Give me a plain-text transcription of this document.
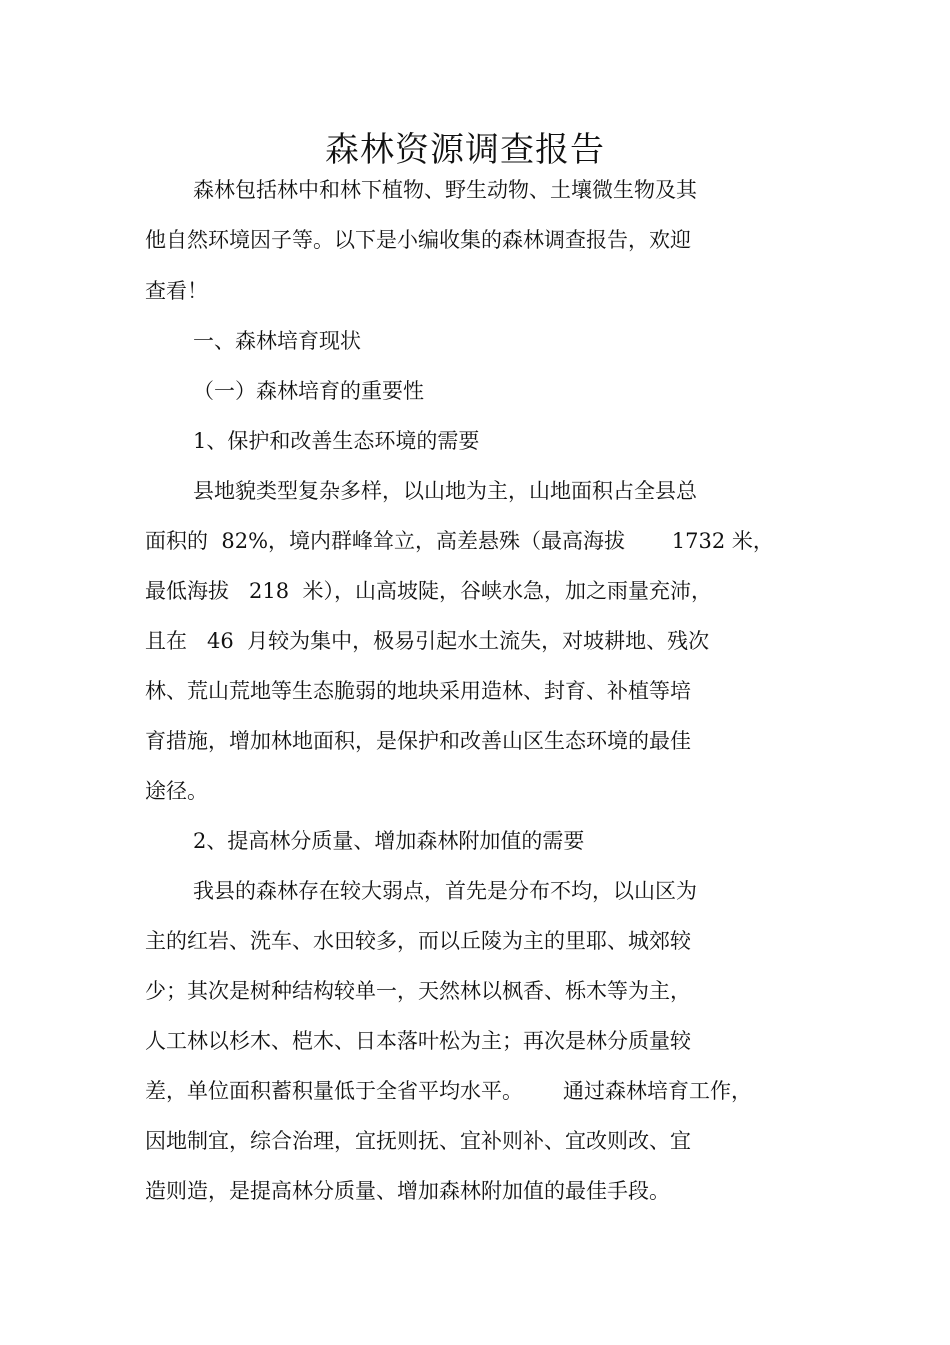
森林资源调查报告
森林包括林中和林下植物、野生动物、土壤微生物及其
他自然环境因子等。以下是小编收集的森林调查报告，欢迎
查看！
一、森林培育现状
（一）森林培育的重要性
1、保护和改善生态环境的需要
县地貌类型复杂多样，以山地为主，山地面积占全县总
面积的  82%，境内群峰耸立，高差悬殊（最高海拔       1732 米，
最低海拔   218  米），山高坡陡，谷峡水急，加之雨量充沛，
且在   46  月较为集中，极易引起水土流失，对坡耕地、残次
林、荒山荒地等生态脆弱的地块采用造林、封育、补植等培
育措施，增加林地面积，是保护和改善山区生态环境的最佳
途径。
2、提高林分质量、增加森林附加值的需要
我县的森林存在较大弱点，首先是分布不均，以山区为
主的红岩、洗车、水田较多，而以丘陵为主的里耶、城郊较
少；其次是树种结构较单一，天然林以枫香、栎木等为主，
人工林以杉木、桤木、日本落叶松为主；再次是林分质量较
差，单位面积蓄积量低于全省平均水平。      通过森林培育工作，
因地制宜，综合治理，宜抚则抚、宜补则补、宜改则改、宜
造则造，是提高林分质量、增加森林附加值的最佳手段。
